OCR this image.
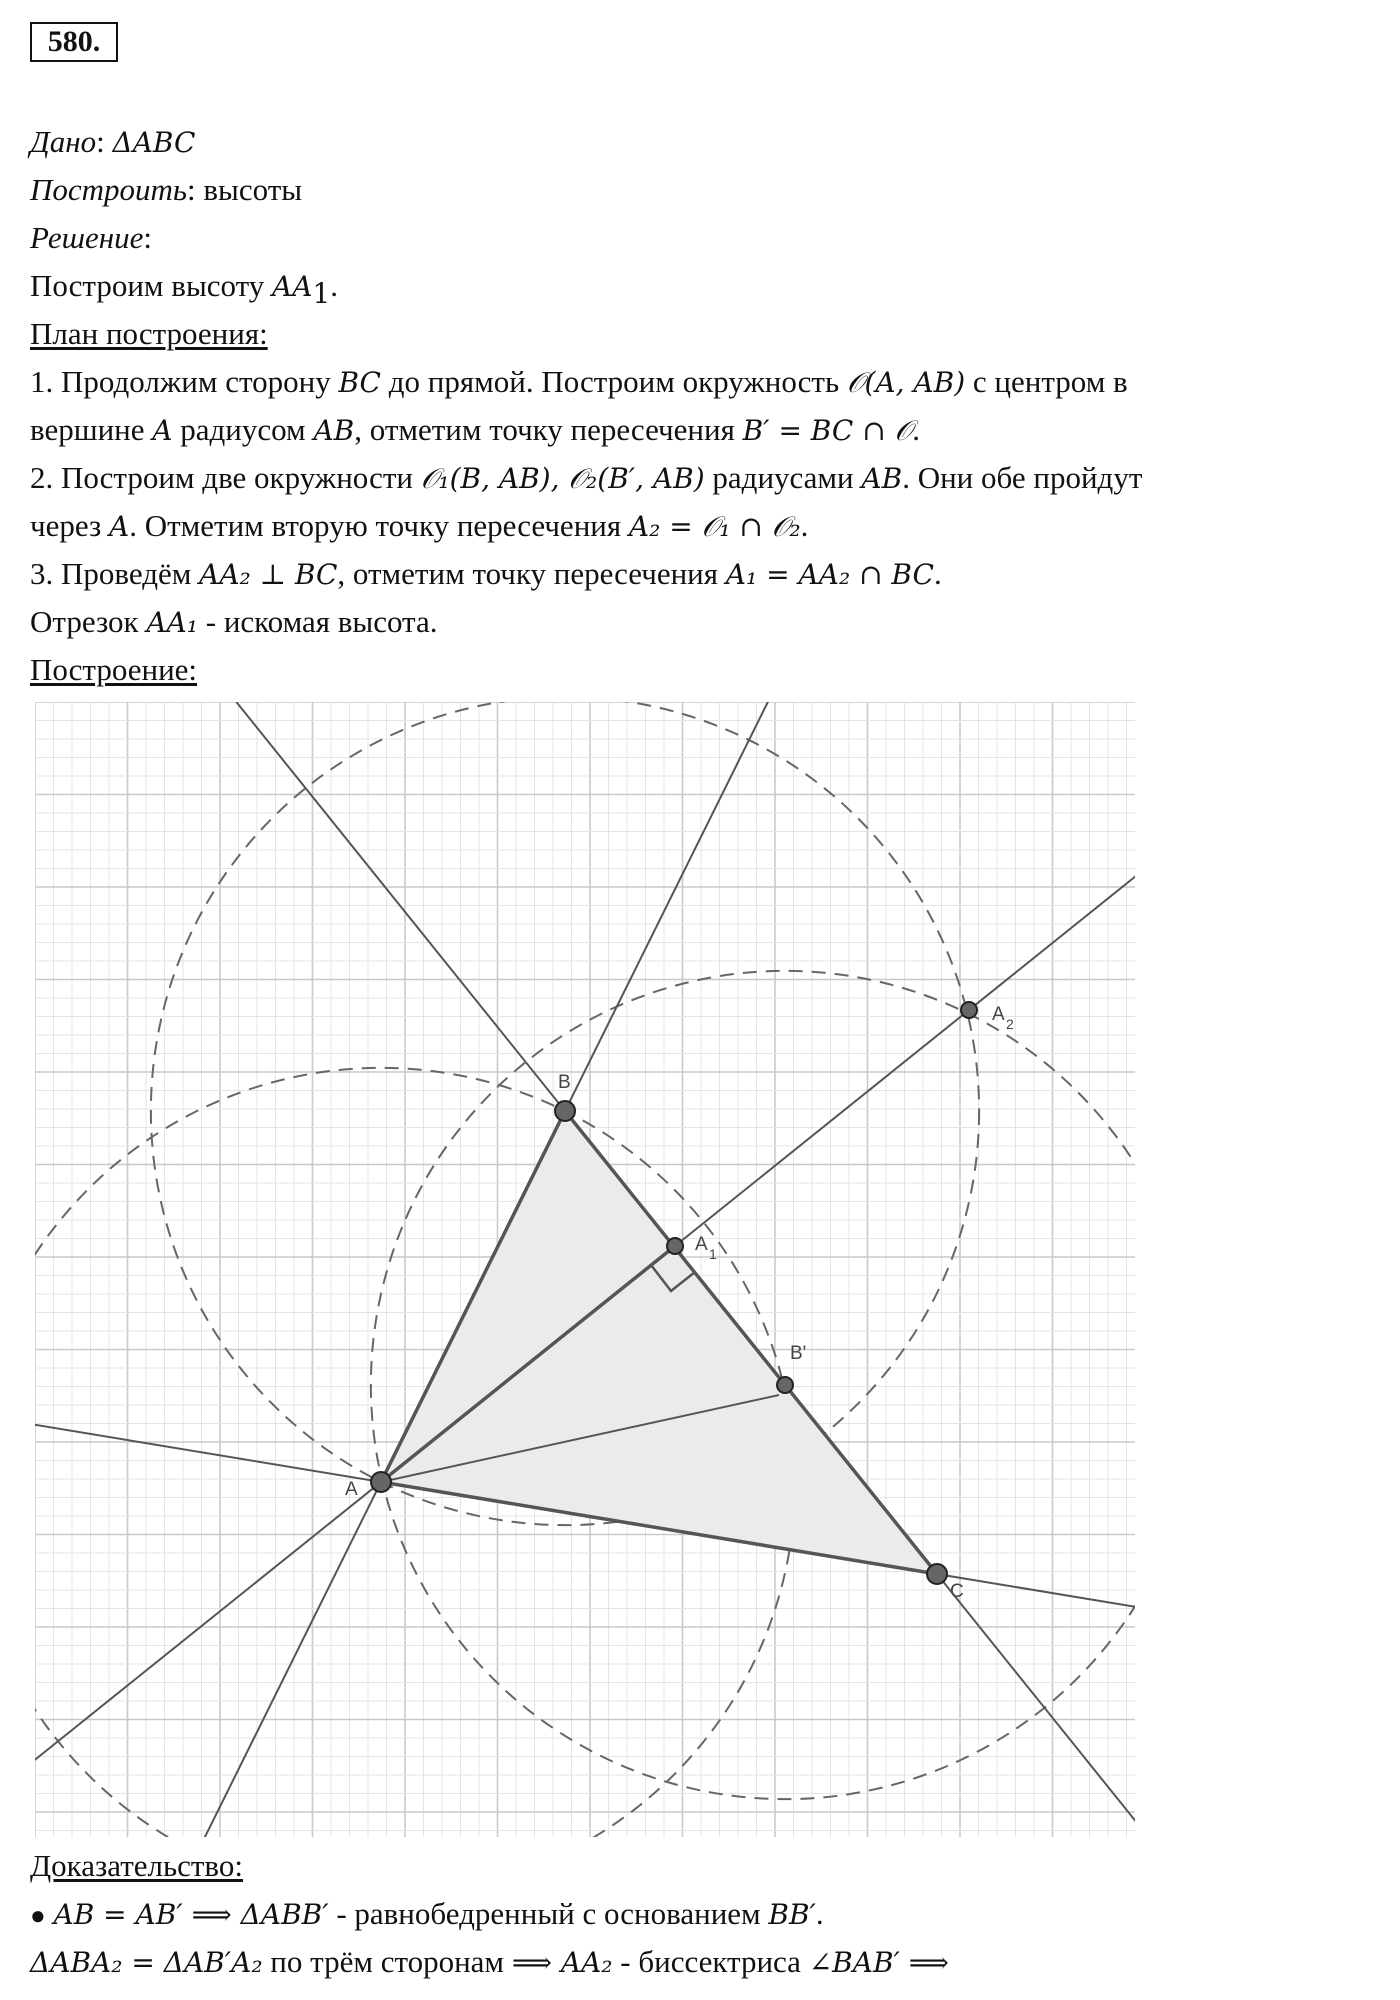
580.
Дано: ΔABC
Построить: высоты
Решение:
Построим высоту $AA_1$.
План построения:
1. Продолжим сторону BC до прямой. Построим окружность 𝒪(A, AB) с центром в
вершине A радиусом AB, отметим точку пересечения B′ = BC ∩ 𝒪.
2. Построим две окружности 𝒪₁(B, AB), 𝒪₂(B′, AB) радиусами AB. Они обе пройдут
через A. Отметим вторую точку пересечения A₂ = 𝒪₁ ∩ 𝒪₂.
3. Проведём AA₂ ⊥ BC, отметим точку пересечения A₁ = AA₂ ∩ BC.
Отрезок AA₁ - искомая высота.
Построение:
B
A
C
B'
A 1
A 2
Доказательство:
● AB = AB′ ⟹ ΔABB′ - равнобедренный с основанием BB′.
ΔABA₂ = ΔAB′A₂ по трём сторонам ⟹ AA₂ - биссектриса ∠BAB′ ⟹
